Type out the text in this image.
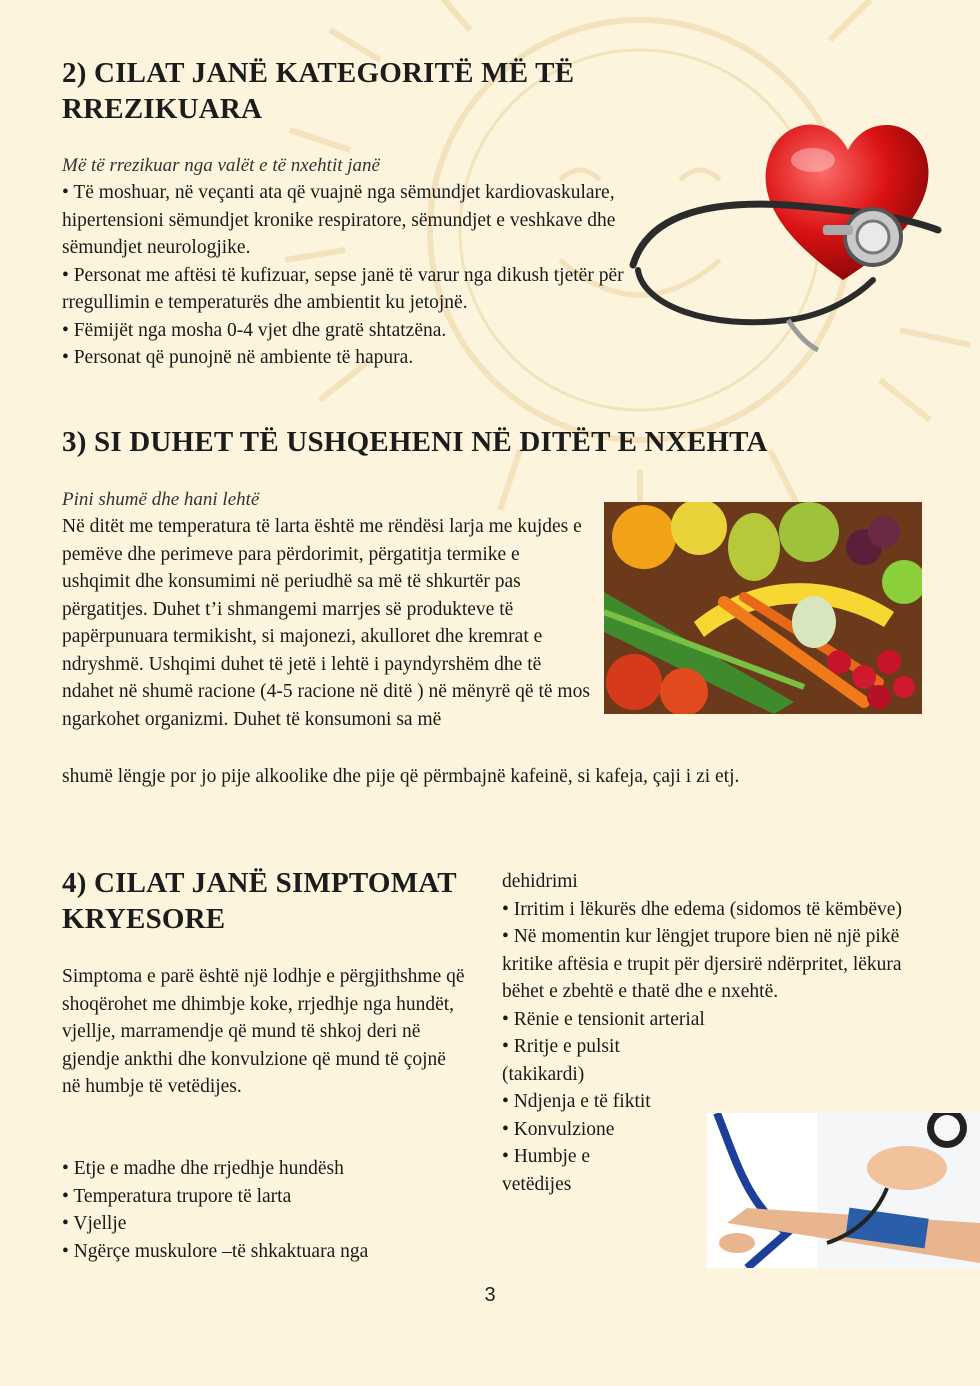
2) CILAT JANË KATEGORITË MË TË RREZIKUARA
Më të rrezikuar nga valët e të nxehtit janë
• Të moshuar, në veçanti ata që vuajnë nga sëmundjet kardiovaskulare, hipertensioni sëmundjet kronike respiratore, sëmundjet e veshkave dhe sëmundjet neurologjike.
• Personat me aftësi të kufizuar, sepse janë të varur nga dikush tjetër për rregullimin e temperaturës dhe ambientit ku jetojnë.
• Fëmijët nga mosha 0-4 vjet dhe gratë shtatzëna.
• Personat që punojnë në ambiente të hapura.
3) SI DUHET TË USHQEHENI NË DITËT E NXEHTA
Pini shumë dhe hani lehtë
Në ditët me temperatura të larta është me rëndësi larja me kujdes e pemëve dhe perimeve para përdorimit, përgatitja termike e ushqimit dhe konsumimi në periudhë sa më të shkurtër pas përgatitjes. Duhet t’i shmangemi marrjes së produkteve të papërpunuara termikisht, si majonezi, akulloret dhe kremrat e ndryshmë. Ushqimi duhet të jetë i lehtë i payndyrshëm dhe të ndahet në shumë racione (4-5 racione në ditë ) në mënyrë që të mos ngarkohet organizmi. Duhet të konsumoni sa më
shumë lëngje por jo pije alkoolike dhe pije që përmbajnë kafeinë, si kafeja, çaji i zi etj.
4) CILAT JANË SIMPTOMAT KRYESORE
Simptoma e parë është një lodhje e përgjithshme që shoqërohet me dhimbje koke, rrjedhje nga hundët, vjellje, marramendje që mund të shkoj deri në gjendje ankthi dhe konvulzione që mund të çojnë në humbje të vetëdijes.
• Etje e madhe dhe rrjedhje hundësh
• Temperatura trupore të larta
• Vjellje
• Ngërçe muskulore –të shkaktuara nga
dehidrimi
• Irritim i lëkurës dhe edema (sidomos të këmbëve)
• Në momentin kur lëngjet trupore bien në një pikë kritike aftësia e trupit për djersirë ndërpritet, lëkura bëhet e zbehtë e thatë dhe e nxehtë.
• Rënie e tensionit arterial
• Rritje e pulsit (takikardi)
• Ndjenja e të fiktit
• Konvulzione
• Humbje e vetëdijes
3
